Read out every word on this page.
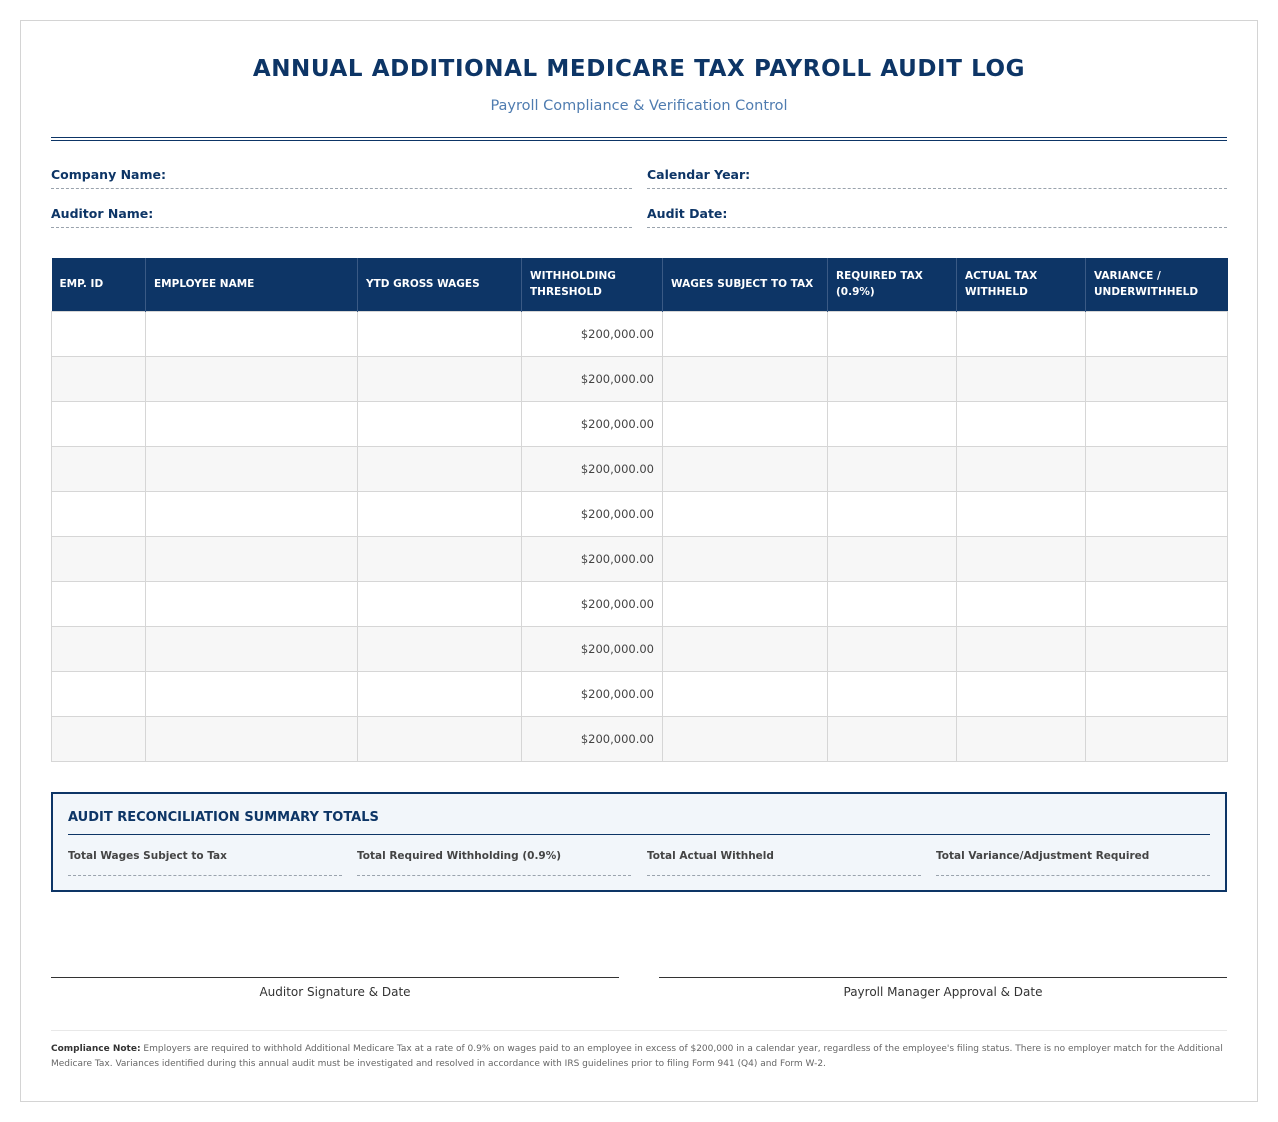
ANNUAL ADDITIONAL MEDICARE TAX PAYROLL AUDIT LOG
Payroll Compliance & Verification Control
Company Name:	Calendar Year:
Auditor Name:	Audit Date:
EMP. ID	EMPLOYEE NAME	YTD GROSS WAGES	WITHHOLDING THRESHOLD	WAGES SUBJECT TO TAX	REQUIRED TAX (0.9%)	ACTUAL TAX WITHHELD	VARIANCE / UNDERWITHHELD
			$200,000.00				
			$200,000.00				
			$200,000.00				
			$200,000.00				
			$200,000.00				
			$200,000.00				
			$200,000.00				
			$200,000.00				
			$200,000.00				
			$200,000.00				
AUDIT RECONCILIATION SUMMARY TOTALS
Total Wages Subject to Tax	Total Required Withholding (0.9%)	Total Actual Withheld	Total Variance/Adjustment Required
Auditor Signature & Date	Payroll Manager Approval & Date
Compliance Note: Employers are required to withhold Additional Medicare Tax at a rate of 0.9% on wages paid to an employee in excess of $200,000 in a calendar year, regardless of the employee's filing status. There is no employer match for the Additional Medicare Tax. Variances identified during this annual audit must be investigated and resolved in accordance with IRS guidelines prior to filing Form 941 (Q4) and Form W-2.
